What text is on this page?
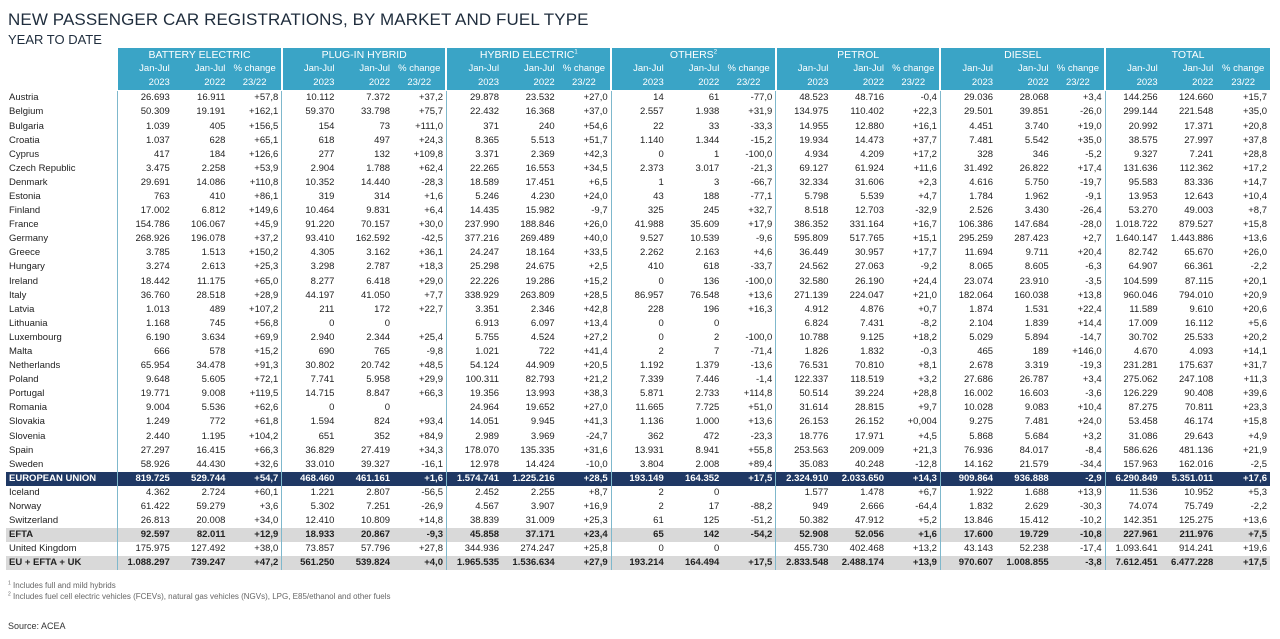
NEW PASSENGER CAR REGISTRATIONS, BY MARKET AND FUEL TYPE
YEAR TO DATE
	BATTERY ELECTRIC			PLUG-IN HYBRID			HYBRID ELECTRIC$^1$			OTHERS$^2$			PETROL			DIESEL			TOTAL		
	Jan-Jul	Jan-Jul	% change	Jan-Jul	Jan-Jul	% change	Jan-Jul	Jan-Jul	% change	Jan-Jul	Jan-Jul	% change	Jan-Jul	Jan-Jul	% change	Jan-Jul	Jan-Jul	% change	Jan-Jul	Jan-Jul	% change
	2023	2022	23/22	2023	2022	23/22	2023	2022	23/22	2023	2022	23/22	2023	2022	23/22	2023	2022	23/22	2023	2022	23/22
Austria	26.693	16.911	+57,8	10.112	7.372	+37,2	29.878	23.532	+27,0	14	61	-77,0	48.523	48.716	-0,4	29.036	28.068	+3,4	144.256	124.660	+15,7
Belgium	50.309	19.191	+162,1	59.370	33.798	+75,7	22.432	16.368	+37,0	2.557	1.938	+31,9	134.975	110.402	+22,3	29.501	39.851	-26,0	299.144	221.548	+35,0
Bulgaria	1.039	405	+156,5	154	73	+111,0	371	240	+54,6	22	33	-33,3	14.955	12.880	+16,1	4.451	3.740	+19,0	20.992	17.371	+20,8
Croatia	1.037	628	+65,1	618	497	+24,3	8.365	5.513	+51,7	1.140	1.344	-15,2	19.934	14.473	+37,7	7.481	5.542	+35,0	38.575	27.997	+37,8
Cyprus	417	184	+126,6	277	132	+109,8	3.371	2.369	+42,3	0	1	-100,0	4.934	4.209	+17,2	328	346	-5,2	9.327	7.241	+28,8
Czech Republic	3.475	2.258	+53,9	2.904	1.788	+62,4	22.265	16.553	+34,5	2.373	3.017	-21,3	69.127	61.924	+11,6	31.492	26.822	+17,4	131.636	112.362	+17,2
Denmark	29.691	14.086	+110,8	10.352	14.440	-28,3	18.589	17.451	+6,5	1	3	-66,7	32.334	31.606	+2,3	4.616	5.750	-19,7	95.583	83.336	+14,7
Estonia	763	410	+86,1	319	314	+1,6	5.246	4.230	+24,0	43	188	-77,1	5.798	5.539	+4,7	1.784	1.962	-9,1	13.953	12.643	+10,4
Finland	17.002	6.812	+149,6	10.464	9.831	+6,4	14.435	15.982	-9,7	325	245	+32,7	8.518	12.703	-32,9	2.526	3.430	-26,4	53.270	49.003	+8,7
France	154.786	106.067	+45,9	91.220	70.157	+30,0	237.990	188.846	+26,0	41.988	35.609	+17,9	386.352	331.164	+16,7	106.386	147.684	-28,0	1.018.722	879.527	+15,8
Germany	268.926	196.078	+37,2	93.410	162.592	-42,5	377.216	269.489	+40,0	9.527	10.539	-9,6	595.809	517.765	+15,1	295.259	287.423	+2,7	1.640.147	1.443.886	+13,6
Greece	3.785	1.513	+150,2	4.305	3.162	+36,1	24.247	18.164	+33,5	2.262	2.163	+4,6	36.449	30.957	+17,7	11.694	9.711	+20,4	82.742	65.670	+26,0
Hungary	3.274	2.613	+25,3	3.298	2.787	+18,3	25.298	24.675	+2,5	410	618	-33,7	24.562	27.063	-9,2	8.065	8.605	-6,3	64.907	66.361	-2,2
Ireland	18.442	11.175	+65,0	8.277	6.418	+29,0	22.226	19.286	+15,2	0	136	-100,0	32.580	26.190	+24,4	23.074	23.910	-3,5	104.599	87.115	+20,1
Italy	36.760	28.518	+28,9	44.197	41.050	+7,7	338.929	263.809	+28,5	86.957	76.548	+13,6	271.139	224.047	+21,0	182.064	160.038	+13,8	960.046	794.010	+20,9
Latvia	1.013	489	+107,2	211	172	+22,7	3.351	2.346	+42,8	228	196	+16,3	4.912	4.876	+0,7	1.874	1.531	+22,4	11.589	9.610	+20,6
Lithuania	1.168	745	+56,8	0	0		6.913	6.097	+13,4	0	0		6.824	7.431	-8,2	2.104	1.839	+14,4	17.009	16.112	+5,6
Luxembourg	6.190	3.634	+69,9	2.940	2.344	+25,4	5.755	4.524	+27,2	0	2	-100,0	10.788	9.125	+18,2	5.029	5.894	-14,7	30.702	25.533	+20,2
Malta	666	578	+15,2	690	765	-9,8	1.021	722	+41,4	2	7	-71,4	1.826	1.832	-0,3	465	189	+146,0	4.670	4.093	+14,1
Netherlands	65.954	34.478	+91,3	30.802	20.742	+48,5	54.124	44.909	+20,5	1.192	1.379	-13,6	76.531	70.810	+8,1	2.678	3.319	-19,3	231.281	175.637	+31,7
Poland	9.648	5.605	+72,1	7.741	5.958	+29,9	100.311	82.793	+21,2	7.339	7.446	-1,4	122.337	118.519	+3,2	27.686	26.787	+3,4	275.062	247.108	+11,3
Portugal	19.771	9.008	+119,5	14.715	8.847	+66,3	19.356	13.993	+38,3	5.871	2.733	+114,8	50.514	39.224	+28,8	16.002	16.603	-3,6	126.229	90.408	+39,6
Romania	9.004	5.536	+62,6	0	0		24.964	19.652	+27,0	11.665	7.725	+51,0	31.614	28.815	+9,7	10.028	9.083	+10,4	87.275	70.811	+23,3
Slovakia	1.249	772	+61,8	1.594	824	+93,4	14.051	9.945	+41,3	1.136	1.000	+13,6	26.153	26.152	+0,004	9.275	7.481	+24,0	53.458	46.174	+15,8
Slovenia	2.440	1.195	+104,2	651	352	+84,9	2.989	3.969	-24,7	362	472	-23,3	18.776	17.971	+4,5	5.868	5.684	+3,2	31.086	29.643	+4,9
Spain	27.297	16.415	+66,3	36.829	27.419	+34,3	178.070	135.335	+31,6	13.931	8.941	+55,8	253.563	209.009	+21,3	76.936	84.017	-8,4	586.626	481.136	+21,9
Sweden	58.926	44.430	+32,6	33.010	39.327	-16,1	12.978	14.424	-10,0	3.804	2.008	+89,4	35.083	40.248	-12,8	14.162	21.579	-34,4	157.963	162.016	-2,5
EUROPEAN UNION	819.725	529.744	+54,7	468.460	461.161	+1,6	1.574.741	1.225.216	+28,5	193.149	164.352	+17,5	2.324.910	2.033.650	+14,3	909.864	936.888	-2,9	6.290.849	5.351.011	+17,6
Iceland	4.362	2.724	+60,1	1.221	2.807	-56,5	2.452	2.255	+8,7	2	0		1.577	1.478	+6,7	1.922	1.688	+13,9	11.536	10.952	+5,3
Norway	61.422	59.279	+3,6	5.302	7.251	-26,9	4.567	3.907	+16,9	2	17	-88,2	949	2.666	-64,4	1.832	2.629	-30,3	74.074	75.749	-2,2
Switzerland	26.813	20.008	+34,0	12.410	10.809	+14,8	38.839	31.009	+25,3	61	125	-51,2	50.382	47.912	+5,2	13.846	15.412	-10,2	142.351	125.275	+13,6
EFTA	92.597	82.011	+12,9	18.933	20.867	-9,3	45.858	37.171	+23,4	65	142	-54,2	52.908	52.056	+1,6	17.600	19.729	-10,8	227.961	211.976	+7,5
United Kingdom	175.975	127.492	+38,0	73.857	57.796	+27,8	344.936	274.247	+25,8	0	0		455.730	402.468	+13,2	43.143	52.238	-17,4	1.093.641	914.241	+19,6
EU + EFTA + UK	1.088.297	739.247	+47,2	561.250	539.824	+4,0	1.965.535	1.536.634	+27,9	193.214	164.494	+17,5	2.833.548	2.488.174	+13,9	970.607	1.008.855	-3,8	7.612.451	6.477.228	+17,5
$^1$ Includes full and mild hybrids
$^2$ Includes fuel cell electric vehicles (FCEVs), natural gas vehicles (NGVs), LPG, E85/ethanol and other fuels
Source: ACEA
